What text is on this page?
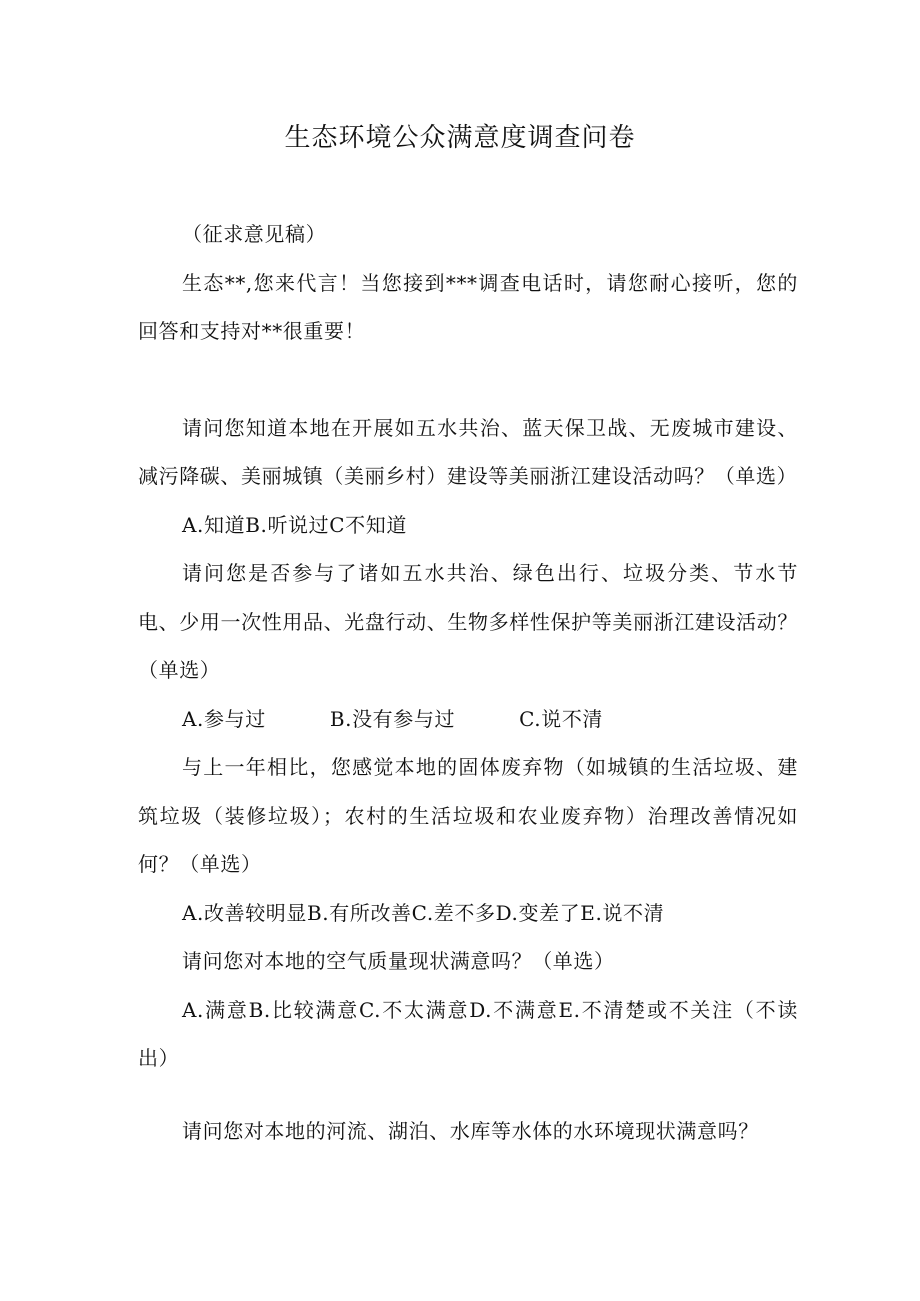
生态环境公众满意度调查问卷

（征求意见稿）

生态**,您来代言！当您接到***调查电话时，请您耐心接听，您的回答和支持对**很重要！

请问您知道本地在开展如五水共治、蓝天保卫战、无废城市建设、减污降碳、美丽城镇（美丽乡村）建设等美丽浙江建设活动吗？（单选）

A.知道B.听说过C不知道

请问您是否参与了诸如五水共治、绿色出行、垃圾分类、节水节电、少用一次性用品、光盘行动、生物多样性保护等美丽浙江建设活动？（单选）

A.参与过	B.没有参与过	C.说不清

与上一年相比，您感觉本地的固体废弃物（如城镇的生活垃圾、建筑垃圾（装修垃圾）；农村的生活垃圾和农业废弃物）治理改善情况如何？（单选）

A.改善较明显B.有所改善C.差不多D.变差了E.说不清

请问您对本地的空气质量现状满意吗？（单选）

A.满意B.比较满意C.不太满意D.不满意E.不清楚或不关注（不读出）

请问您对本地的河流、湖泊、水库等水体的水环境现状满意吗？
